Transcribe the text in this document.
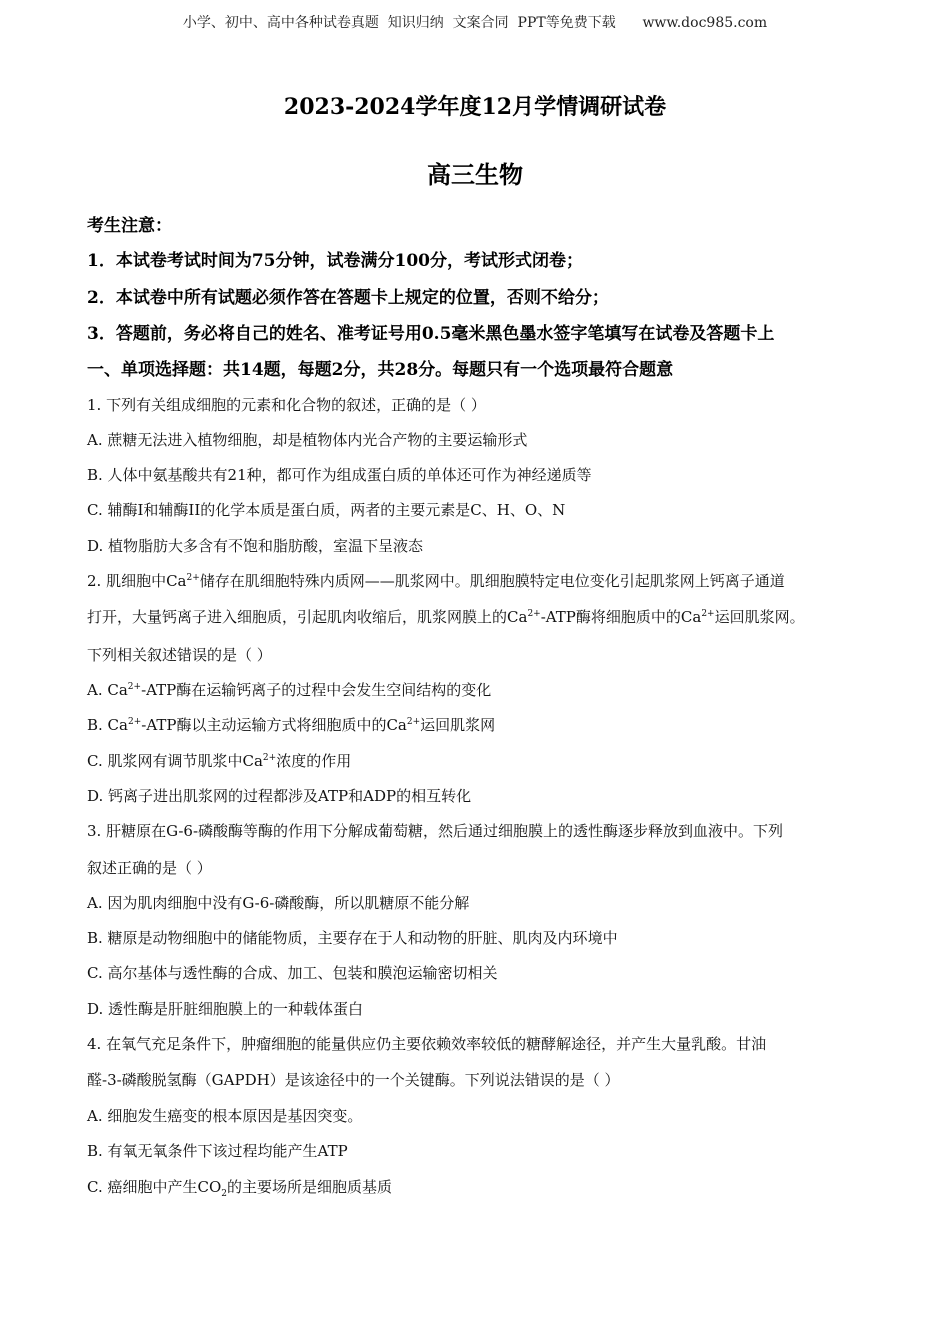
小学、初中、高中各种试卷真题  知识归纳  文案合同  PPT等免费下载      www.doc985.com
2023-2024学年度12月学情调研试卷
高三生物
考生注意：
1．本试卷考试时间为75分钟，试卷满分100分，考试形式闭卷；
2．本试卷中所有试题必须作答在答题卡上规定的位置，否则不给分；
3．答题前，务必将自己的姓名、准考证号用0.5毫米黑色墨水签字笔填写在试卷及答题卡上
一、单项选择题：共14题，每题2分，共28分。每题只有一个选项最符合题意
1. 下列有关组成细胞的元素和化合物的叙述，正确的是（ ）
A. 蔗糖无法进入植物细胞，却是植物体内光合产物的主要运输形式
B. 人体中氨基酸共有21种，都可作为组成蛋白质的单体还可作为神经递质等
C. 辅酶I和辅酶II的化学本质是蛋白质，两者的主要元素是C、H、O、N
D. 植物脂肪大多含有不饱和脂肪酸，室温下呈液态
2. 肌细胞中$Ca^{2+}$储存在肌细胞特殊内质网——肌浆网中。肌细胞膜特定电位变化引起肌浆网上钙离子通道
打开，大量钙离子进入细胞质，引起肌肉收缩后，肌浆网膜上的$Ca^{2+}$-ATP酶将细胞质中的$Ca^{2+}$运回肌浆网。
下列相关叙述错误的是（ ）
A. $Ca^{2+}$-ATP酶在运输钙离子的过程中会发生空间结构的变化
B. $Ca^{2+}$-ATP酶以主动运输方式将细胞质中的$Ca^{2+}$运回肌浆网
C. 肌浆网有调节肌浆中$Ca^{2+}$浓度的作用
D. 钙离子进出肌浆网的过程都涉及ATP和ADP的相互转化
3. 肝糖原在G-6-磷酸酶等酶的作用下分解成葡萄糖，然后通过细胞膜上的透性酶逐步释放到血液中。下列
叙述正确的是（ ）
A. 因为肌肉细胞中没有G-6-磷酸酶，所以肌糖原不能分解
B. 糖原是动物细胞中的储能物质，主要存在于人和动物的肝脏、肌肉及内环境中
C. 高尔基体与透性酶的合成、加工、包装和膜泡运输密切相关
D. 透性酶是肝脏细胞膜上的一种载体蛋白
4. 在氧气充足条件下，肿瘤细胞的能量供应仍主要依赖效率较低的糖酵解途径，并产生大量乳酸。甘油
醛-3-磷酸脱氢酶（GAPDH）是该途径中的一个关键酶。下列说法错误的是（ ）
A. 细胞发生癌变的根本原因是基因突变。
B. 有氧无氧条件下该过程均能产生ATP
C. 癌细胞中产生$CO_2$的主要场所是细胞质基质
